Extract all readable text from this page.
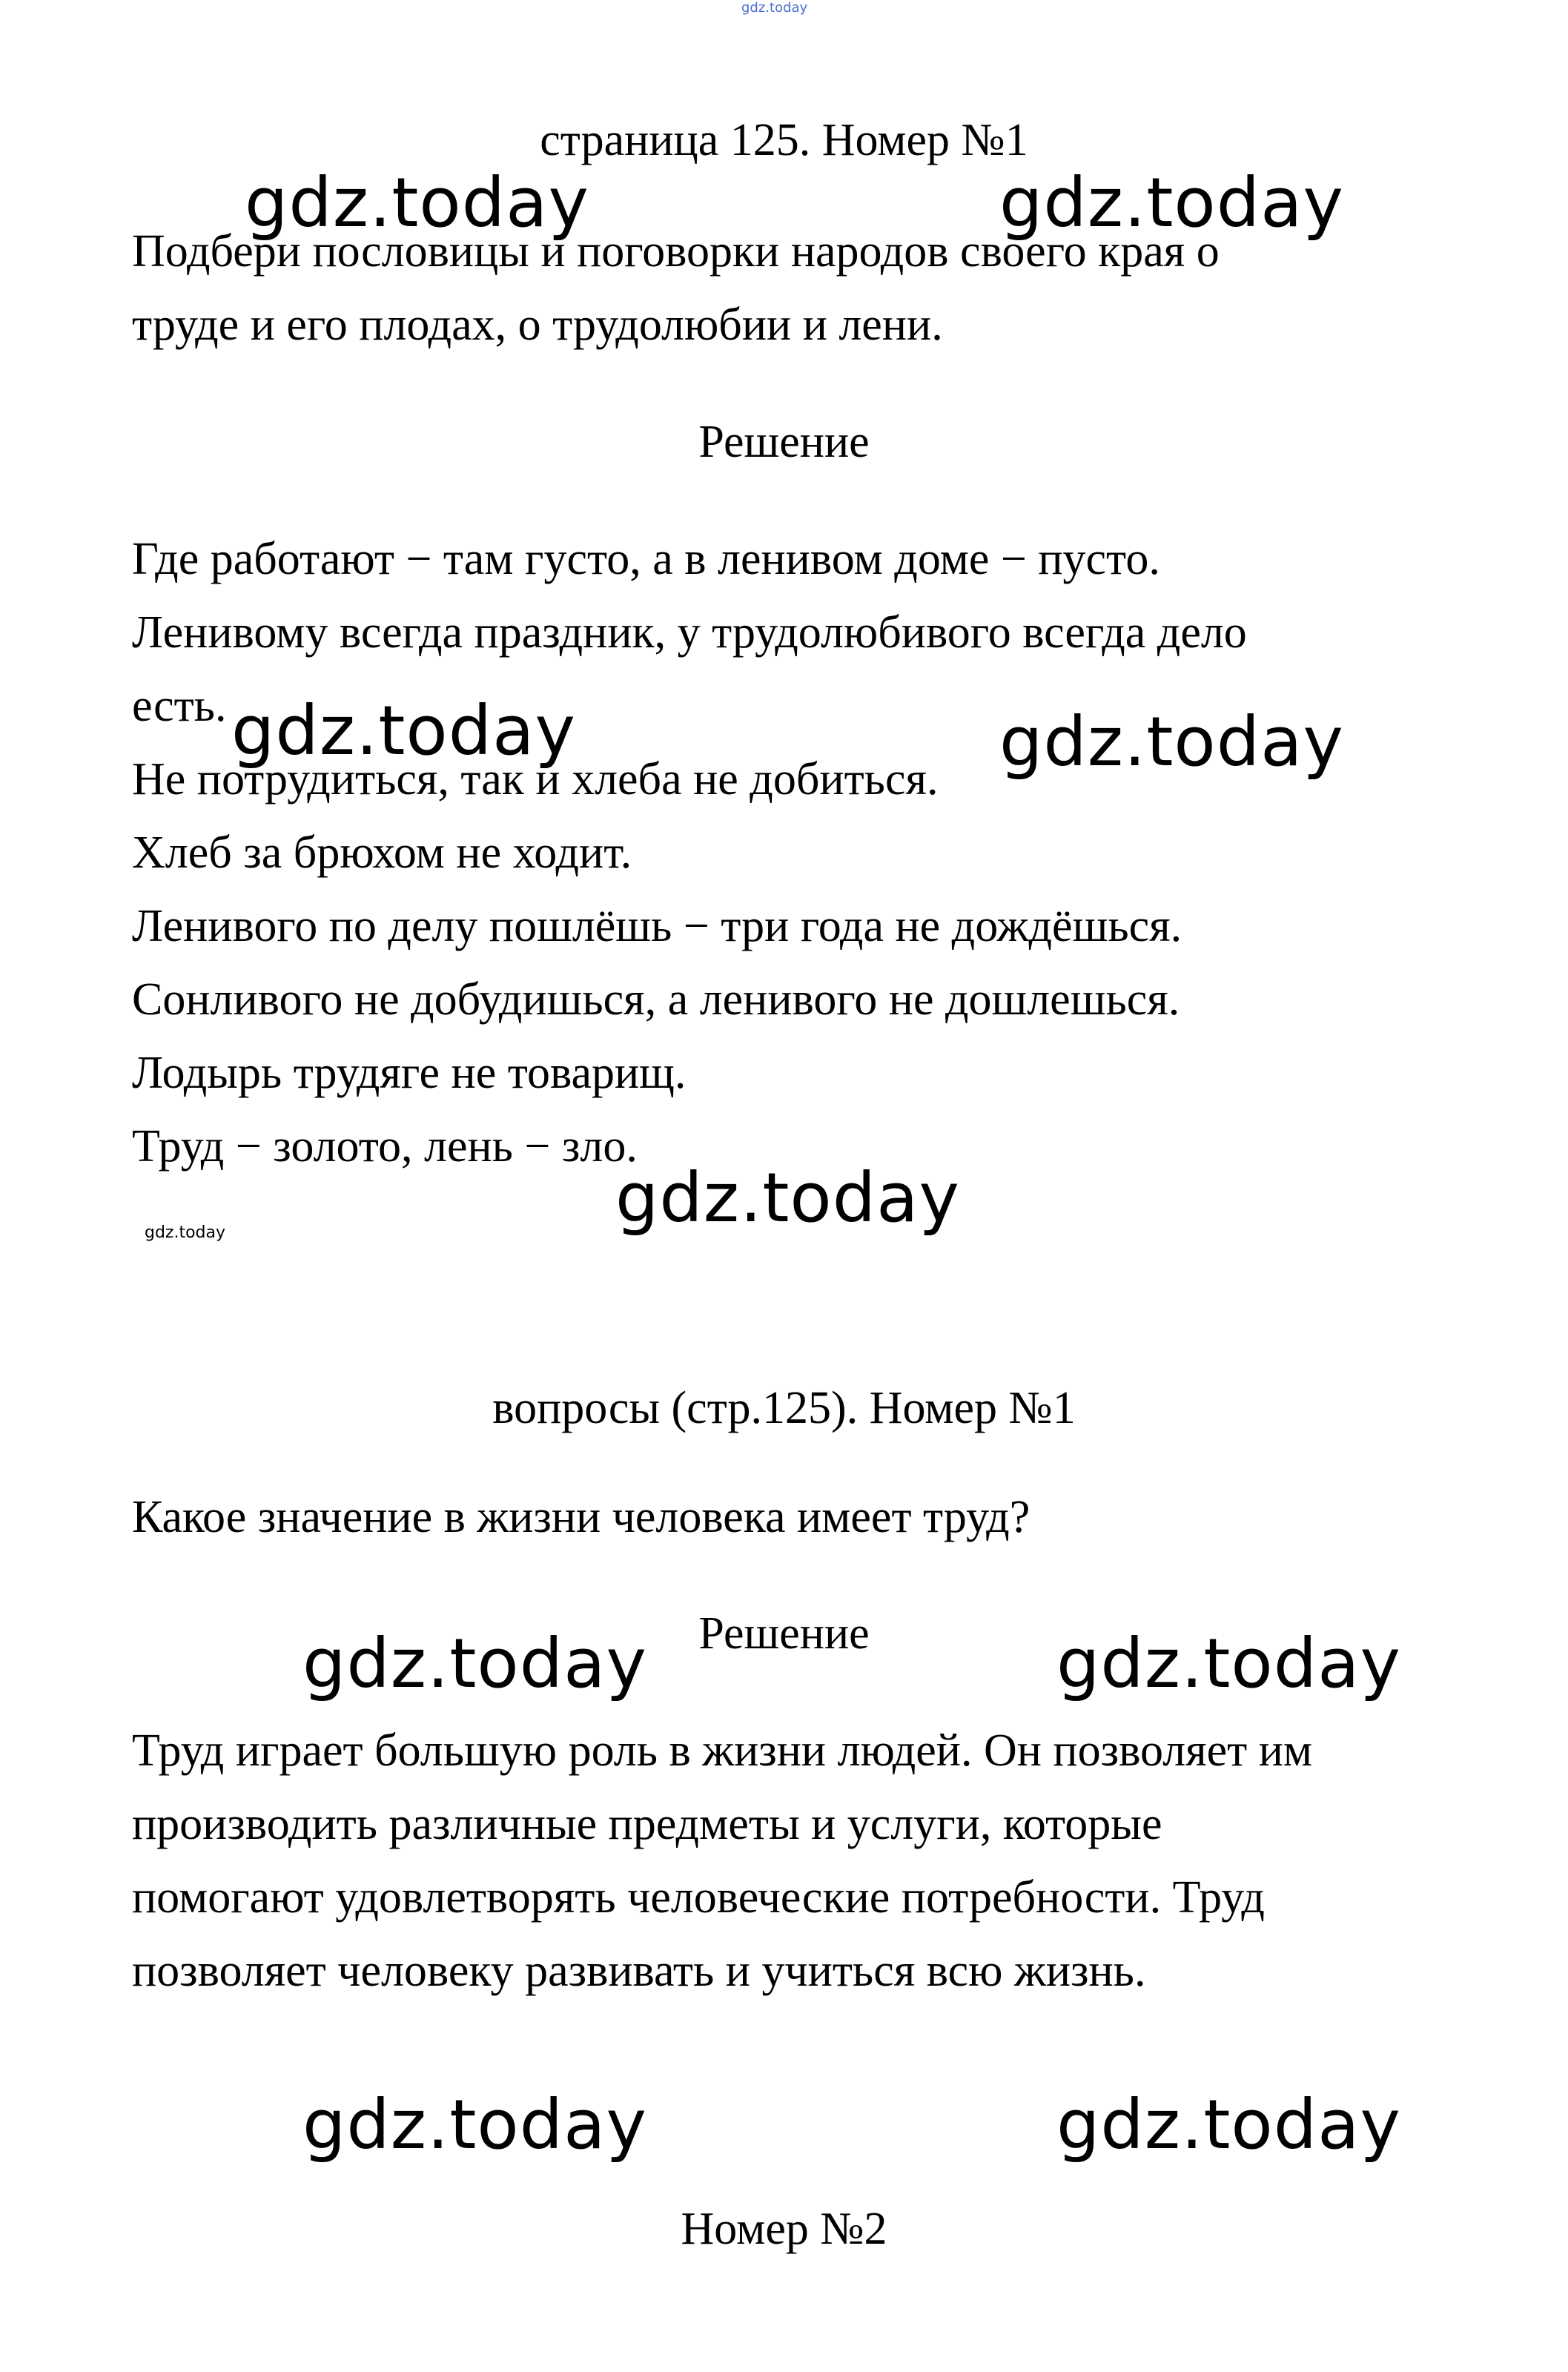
gdz.today
страница 125. Номер №1
gdz.today	gdz.today
Подбери пословицы и поговорки народов своего края о
труде и его плодах, о трудолюбии и лени.
Решение
Где работают − там густо, а в ленивом доме − пусто.
Ленивому всегда праздник, у трудолюбивого всегда дело
есть. gdz.today	gdz.today
Не потрудиться, так и хлеба не добиться.
Хлеб за брюхом не ходит.
Ленивого по делу пошлёшь − три года не дождёшься.
Сонливого не добудишься, а ленивого не дошлешься.
Лодырь трудяге не товарищ.
Труд − золото, лень − зло.
gdz.today
gdz.today
вопросы (стр.125). Номер №1
Какое значение в жизни человека имеет труд?
Решение
gdz.today	gdz.today
Труд играет большую роль в жизни людей. Он позволяет им
производить различные предметы и услуги, которые
помогают удовлетворять человеческие потребности. Труд
позволяет человеку развивать и учиться всю жизнь.
gdz.today	gdz.today
Номер №2
